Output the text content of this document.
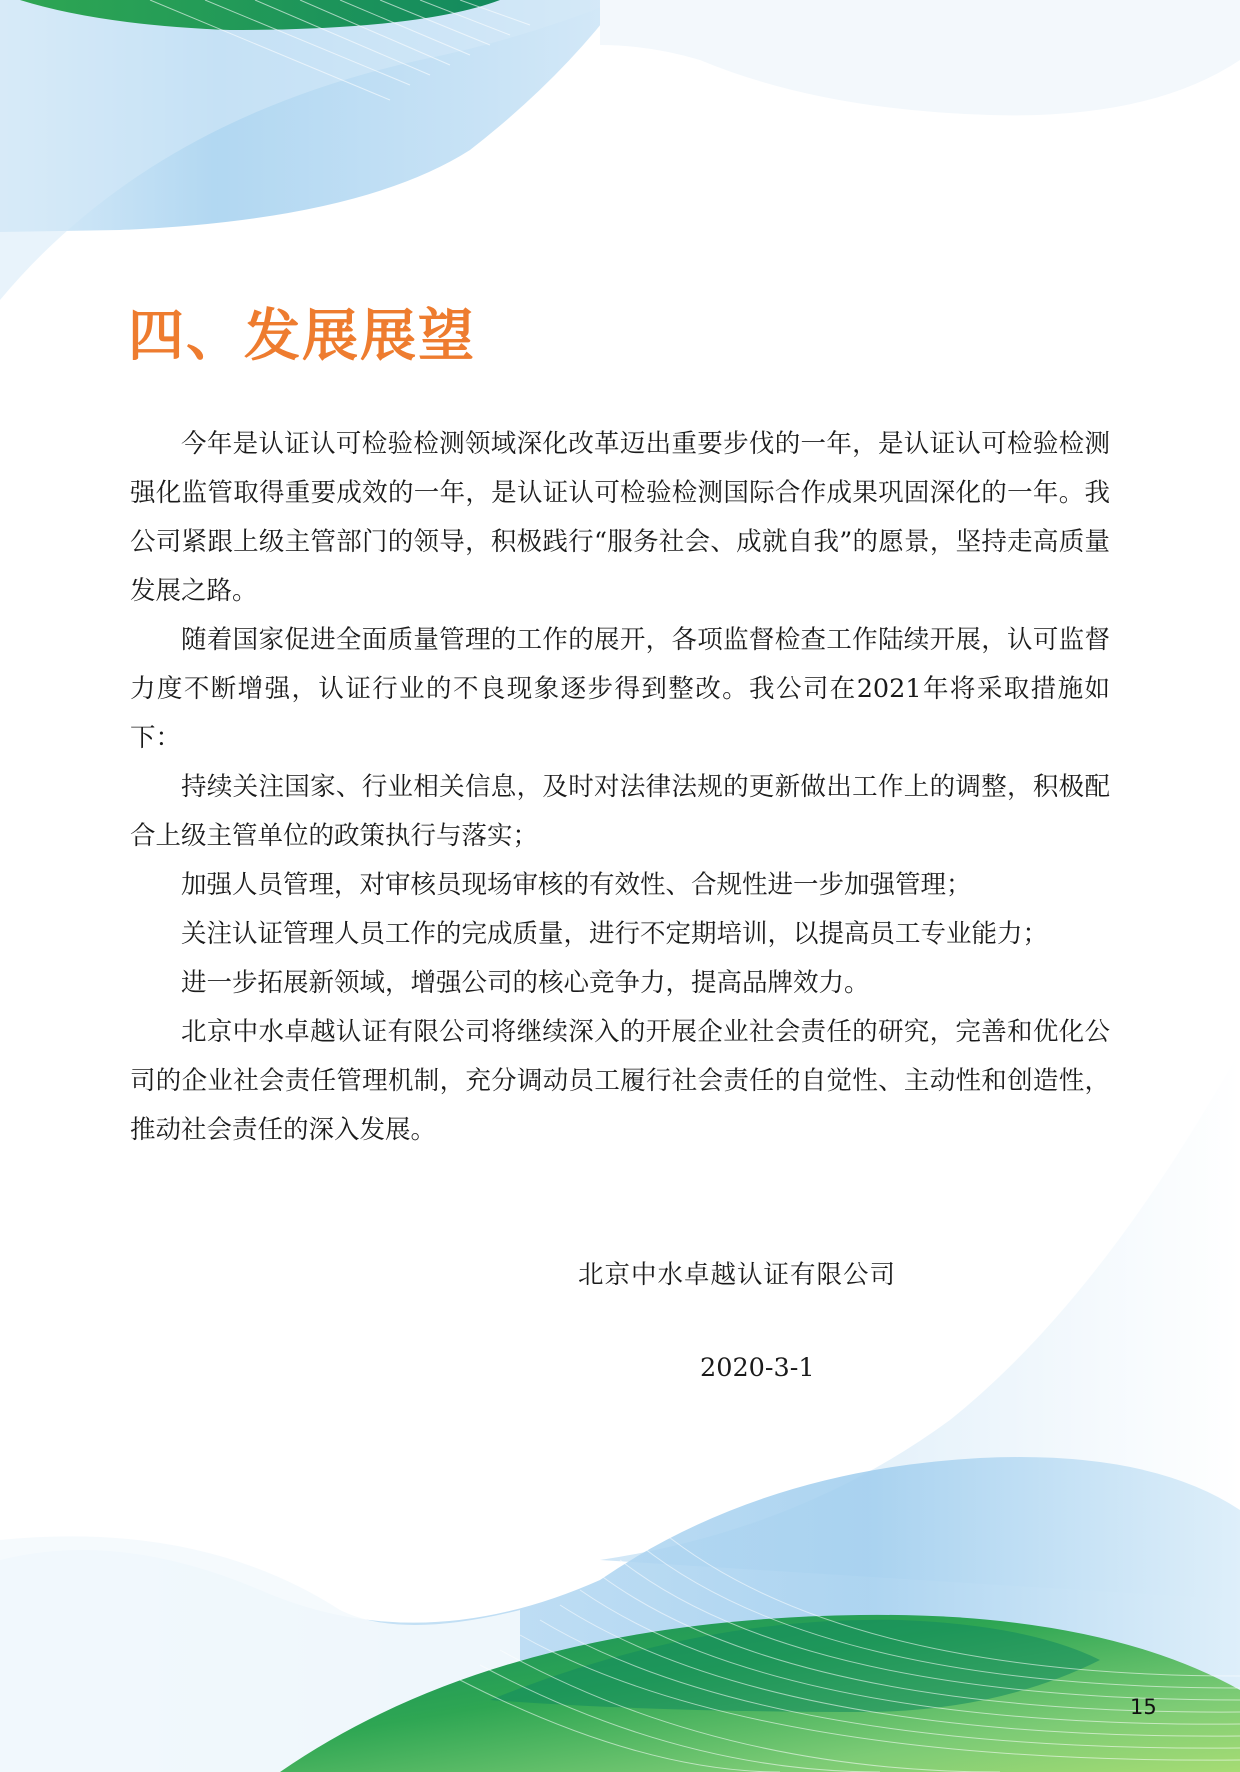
四、发展展望

今年是认证认可检验检测领域深化改革迈出重要步伐的一年，是认证认可检验检测强化监管取得重要成效的一年，是认证认可检验检测国际合作成果巩固深化的一年。我公司紧跟上级主管部门的领导，积极践行“服务社会、成就自我”的愿景，坚持走高质量发展之路。

随着国家促进全面质量管理的工作的展开，各项监督检查工作陆续开展，认可监督力度不断增强，认证行业的不良现象逐步得到整改。我公司在2021年将采取措施如下：

持续关注国家、行业相关信息，及时对法律法规的更新做出工作上的调整，积极配合上级主管单位的政策执行与落实；

加强人员管理，对审核员现场审核的有效性、合规性进一步加强管理；

关注认证管理人员工作的完成质量，进行不定期培训，以提高员工专业能力；

进一步拓展新领域，增强公司的核心竞争力，提高品牌效力。

北京中水卓越认证有限公司将继续深入的开展企业社会责任的研究，完善和优化公司的企业社会责任管理机制，充分调动员工履行社会责任的自觉性、主动性和创造性，推动社会责任的深入发展。

北京中水卓越认证有限公司
2020-3-1
15
